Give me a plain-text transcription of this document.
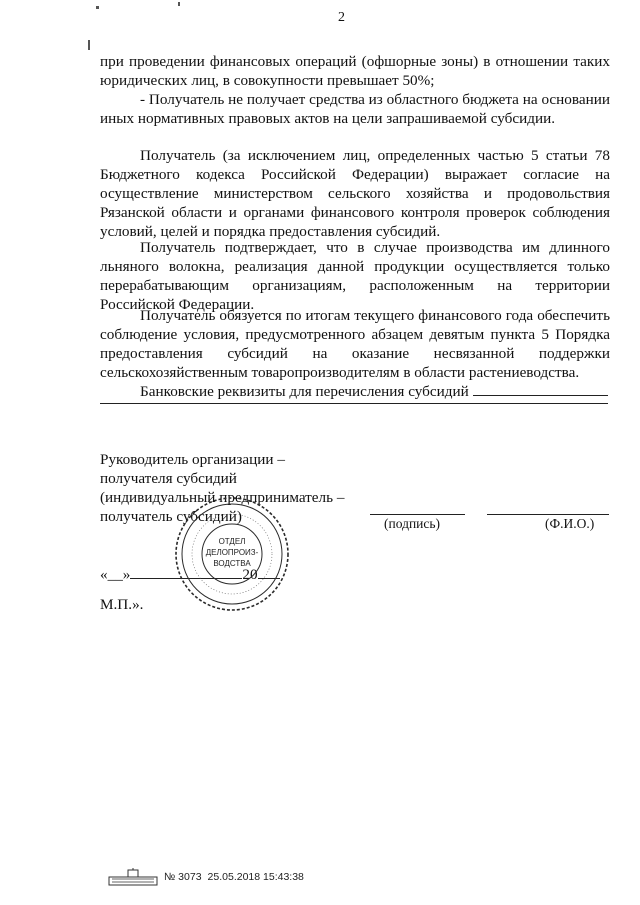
2

при проведении финансовых операций (офшорные зоны) в отношении таких юридических лиц, в совокупности превышает 50%;

- Получатель не получает средства из областного бюджета на основании иных нормативных правовых актов на цели запрашиваемой субсидии.

Получатель (за исключением лиц, определенных частью 5 статьи 78 Бюджетного кодекса Российской Федерации) выражает согласие на осуществление министерством сельского хозяйства и продовольствия Рязанской области и органами финансового контроля проверок соблюдения условий, целей и порядка предоставления субсидий.

Получатель подтверждает, что в случае производства им длинного льняного волокна, реализация данной продукции осуществляется только перерабатывающим организациям, расположенным на территории Российской Федерации.

Получатель обязуется по итогам текущего финансового года обеспечить соблюдение условия, предусмотренного абзацем девятым пункта 5 Порядка предоставления субсидий на оказание несвязанной поддержки сельскохозяйственным товаропроизводителям в области растениеводства.

Банковские реквизиты для перечисления субсидий
Руководитель организации –
получателя субсидий
(индивидуальный предприниматель –
получатель субсидий)	(подпись)	(Ф.И.О.)
«__»	20
М.П.».
ОТДЕЛ
ДЕЛОПРОИЗ-
ВОДСТВА
№ 3073 25.05.2018 15:43:38
